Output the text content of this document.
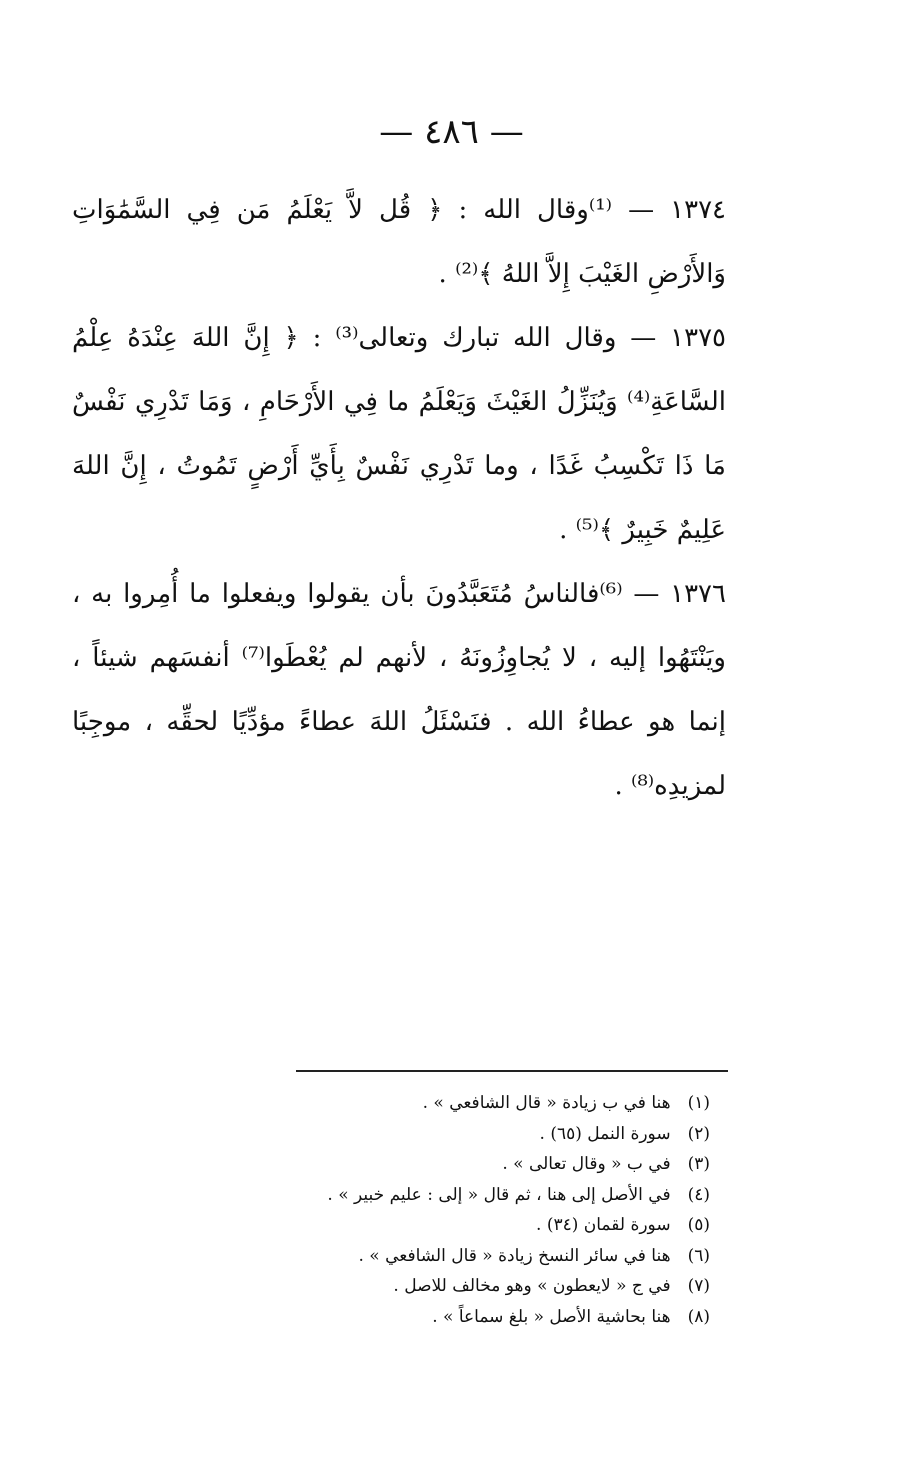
— ٤٨٦ —

١٣٧٤ — ⁽¹⁾وقال الله : ﴿ قُل لاَّ يَعْلَمُ مَن فِي السَّمَٰوَاتِ وَالأَرْضِ الغَيْبَ إِلاَّ اللهُ ﴾⁽²⁾ .

١٣٧٥ — وقال الله تبارك وتعالى⁽³⁾ : ﴿ إِنَّ اللهَ عِنْدَهُ عِلْمُ السَّاعَةِ⁽⁴⁾ وَيُنَزِّلُ الغَيْثَ وَيَعْلَمُ ما فِي الأَرْحَامِ ، وَمَا تَدْرِي نَفْسٌ مَا ذَا تَكْسِبُ غَدًا ، وما تَدْرِي نَفْسٌ بِأَيِّ أَرْضٍ تَمُوتُ ، إِنَّ اللهَ عَلِيمٌ خَبِيرٌ ﴾⁽⁵⁾ .

١٣٧٦ — ⁽⁶⁾فالناسُ مُتَعَبَّدُونَ بأن يقولوا ويفعلوا ما أُمِروا به ، ويَنْتَهُوا إليه ، لا يُجاوِزُونَهُ ، لأنهم لم يُعْطَوا⁽⁷⁾ أنفسَهم شيئاً ، إنما هو عطاءُ الله . فنَسْئَلُ اللهَ عطاءً مؤدِّيًا لحقِّه ، موجِبًا لمزيدِه⁽⁸⁾ .

(١) هنا في ب زيادة « قال الشافعي » .

(٢) سورة النمل (٦٥) .

(٣) في ب « وقال تعالى » .

(٤) في الأصل إلى هنا ، ثم قال « إلى : عليم خبير » .

(٥) سورة لقمان (٣٤) .

(٦) هنا في سائر النسخ زيادة « قال الشافعي » .

(٧) في ج « لايعطون » وهو مخالف للاصل .

(٨) هنا بحاشية الأصل « بلغ سماعاً » .
